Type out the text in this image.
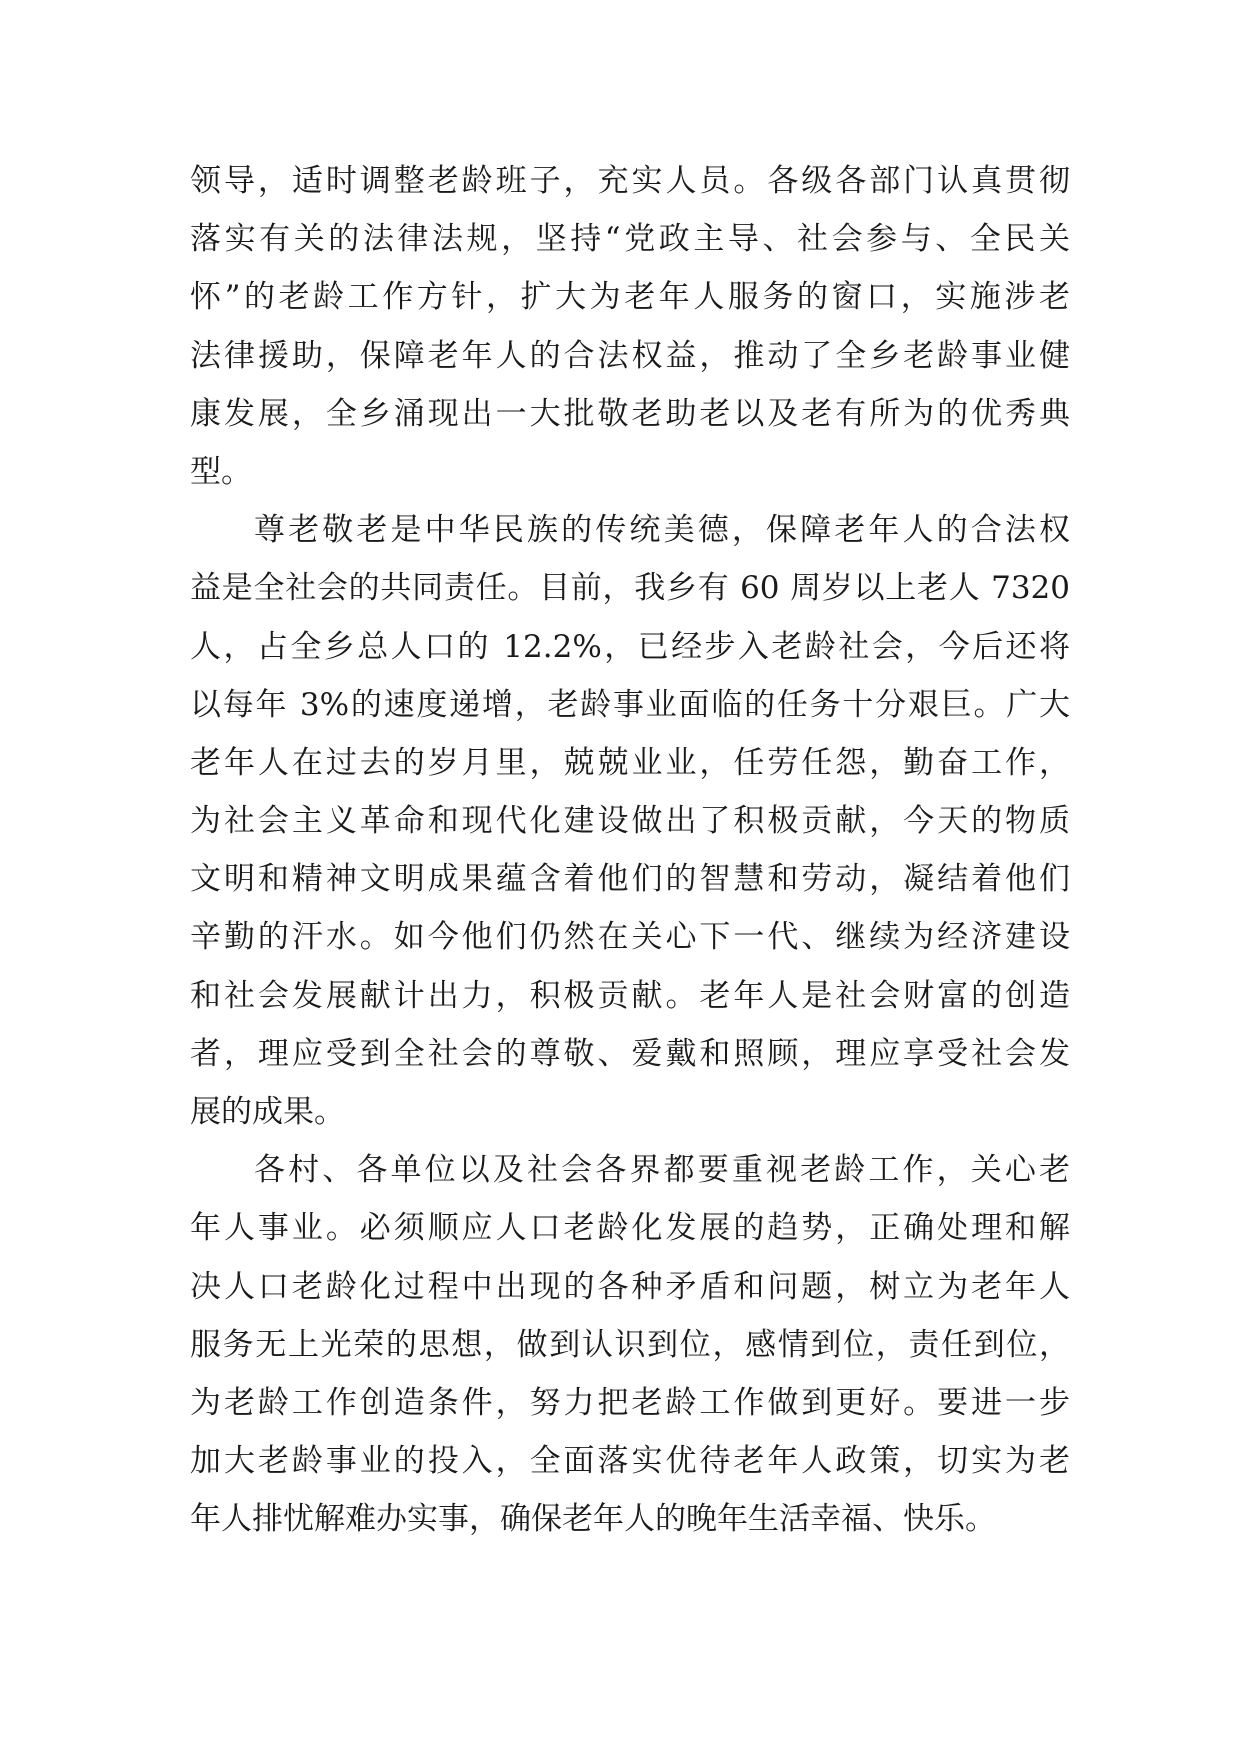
领导，适时调整老龄班子，充实人员。各级各部门认真贯彻
落实有关的法律法规，坚持“党政主导、社会参与、全民关
怀”的老龄工作方针，扩大为老年人服务的窗口，实施涉老
法律援助，保障老年人的合法权益，推动了全乡老龄事业健
康发展，全乡涌现出一大批敬老助老以及老有所为的优秀典
型。

尊老敬老是中华民族的传统美德，保障老年人的合法权
益是全社会的共同责任。目前，我乡有 60 周岁以上老人 7320
人，占全乡总人口的 12.2%，已经步入老龄社会，今后还将
以每年 3%的速度递增，老龄事业面临的任务十分艰巨。广大
老年人在过去的岁月里，兢兢业业，任劳任怨，勤奋工作，
为社会主义革命和现代化建设做出了积极贡献，今天的物质
文明和精神文明成果蕴含着他们的智慧和劳动，凝结着他们
辛勤的汗水。如今他们仍然在关心下一代、继续为经济建设
和社会发展献计出力，积极贡献。老年人是社会财富的创造
者，理应受到全社会的尊敬、爱戴和照顾，理应享受社会发
展的成果。

各村、各单位以及社会各界都要重视老龄工作，关心老
年人事业。必须顺应人口老龄化发展的趋势，正确处理和解
决人口老龄化过程中出现的各种矛盾和问题，树立为老年人
服务无上光荣的思想，做到认识到位，感情到位，责任到位，
为老龄工作创造条件，努力把老龄工作做到更好。要进一步
加大老龄事业的投入，全面落实优待老年人政策，切实为老
年人排忧解难办实事，确保老年人的晚年生活幸福、快乐。
